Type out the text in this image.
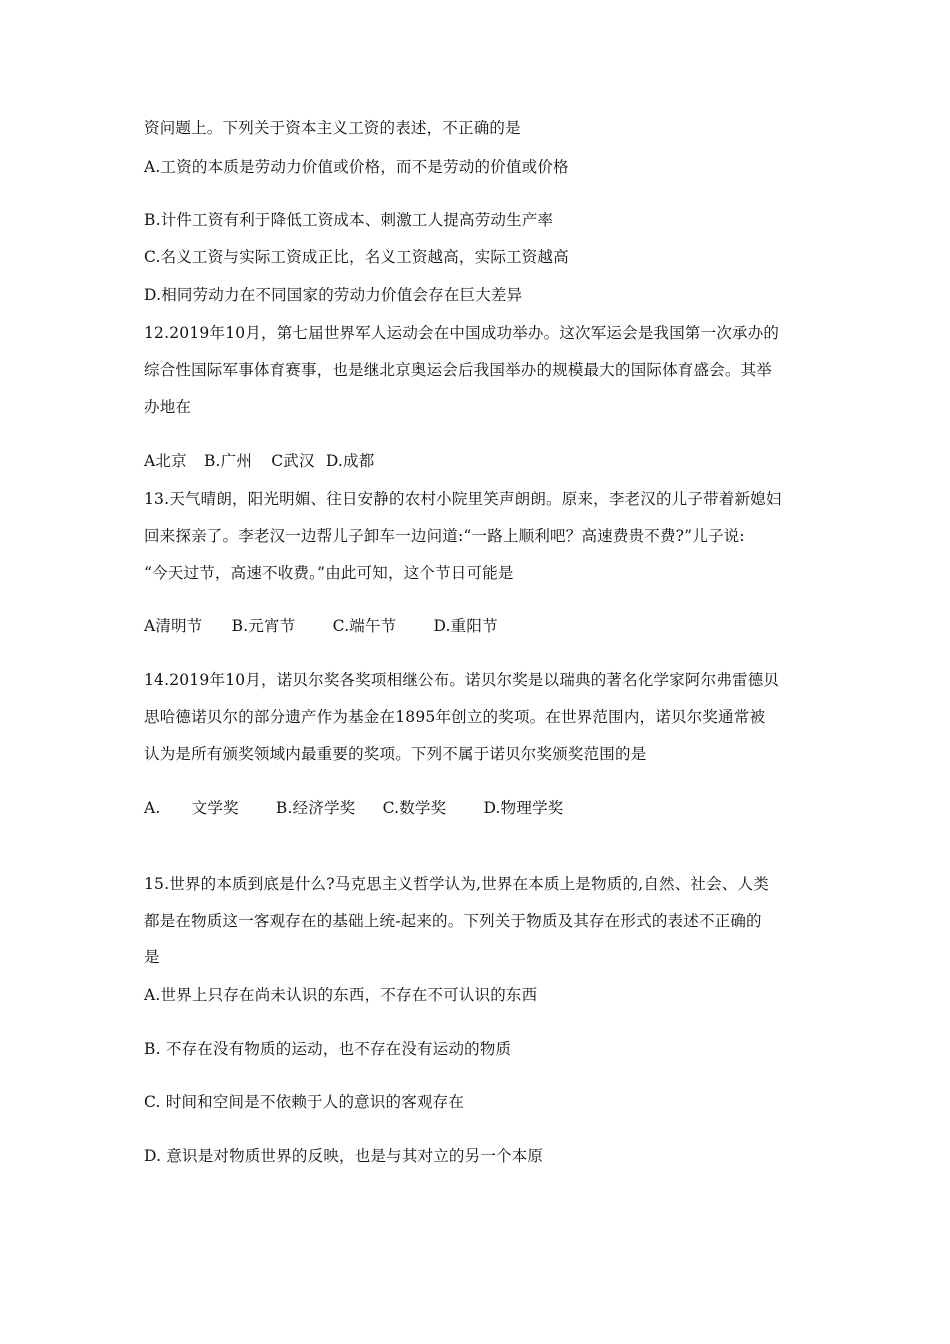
资问题上。下列关于资本主义工资的表述，不正确的是
A.工资的本质是劳动力价值或价格，而不是劳动的价值或价格
B.计件工资有利于降低工资成本、刺激工人提高劳动生产率
C.名义工资与实际工资成正比，名义工资越高，实际工资越高
D.相同劳动力在不同国家的劳动力价值会存在巨大差异
12.2019年10月，第七届世界军人运动会在中国成功举办。这次军运会是我国第一次承办的
综合性国际军事体育赛事，也是继北京奥运会后我国举办的规模最大的国际体育盛会。其举
办地在
A北京 B.广州 C武汉 D.成都
13.天气晴朗，阳光明媚、往日安静的农村小院里笑声朗朗。原来，李老汉的儿子带着新媳妇
回来探亲了。李老汉一边帮儿子卸车一边问道:“一路上顺利吧？高速费贵不费?”儿子说:
“今天过节，高速不收费。”由此可知，这个节日可能是
A清明节 B.元宵节 C.端午节 D.重阳节
14.2019年10月，诺贝尔奖各奖项相继公布。诺贝尔奖是以瑞典的著名化学家阿尔弗雷德贝
思哈德诺贝尔的部分遗产作为基金在1895年创立的奖项。在世界范围内，诺贝尔奖通常被
认为是所有颁奖领域内最重要的奖项。下列不属于诺贝尔奖颁奖范围的是
A. 文学奖 B.经济学奖 C.数学奖 D.物理学奖
15.世界的本质到底是什么?马克思主义哲学认为,世界在本质上是物质的,自然、社会、人类
都是在物质这一客观存在的基础上统-起来的。下列关于物质及其存在形式的表述不正确的
是
A.世界上只存在尚未认识的东西，不存在不可认识的东西
B. 不存在没有物质的运动，也不存在没有运动的物质
C. 时间和空间是不依赖于人的意识的客观存在
D. 意识是对物质世界的反映，也是与其对立的另一个本原
